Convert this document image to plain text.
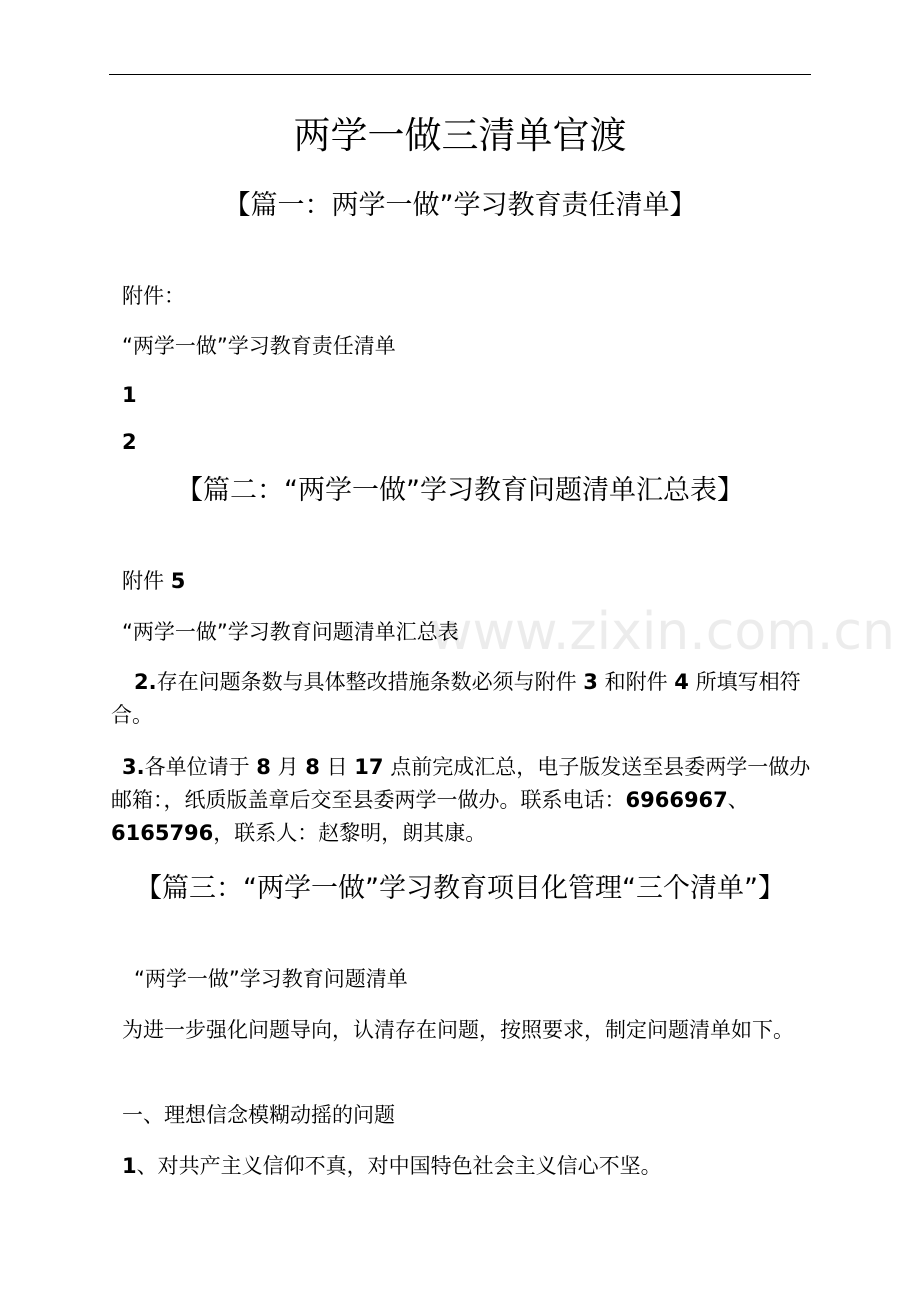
www.zixin.com.cn
两学一做三清单官渡
【篇一：两学一做”学习教育责任清单】

附件：

“两学一做”学习教育责任清单

1

2

【篇二：“两学一做”学习教育问题清单汇总表】

附件 5

“两学一做”学习教育问题清单汇总表

2.存在问题条数与具体整改措施条数必须与附件 3 和附件 4 所填写相符合。

3.各单位请于 8 月 8 日 17 点前完成汇总，电子版发送至县委两学一做办邮箱：，纸质版盖章后交至县委两学一做办。联系电话：6966967、6165796，联系人：赵黎明，朗其康。

【篇三：“两学一做”学习教育项目化管理“三个清单”】

“两学一做”学习教育问题清单

为进一步强化问题导向，认清存在问题，按照要求，制定问题清单如下。

一、理想信念模糊动摇的问题

1、对共产主义信仰不真，对中国特色社会主义信心不坚。
